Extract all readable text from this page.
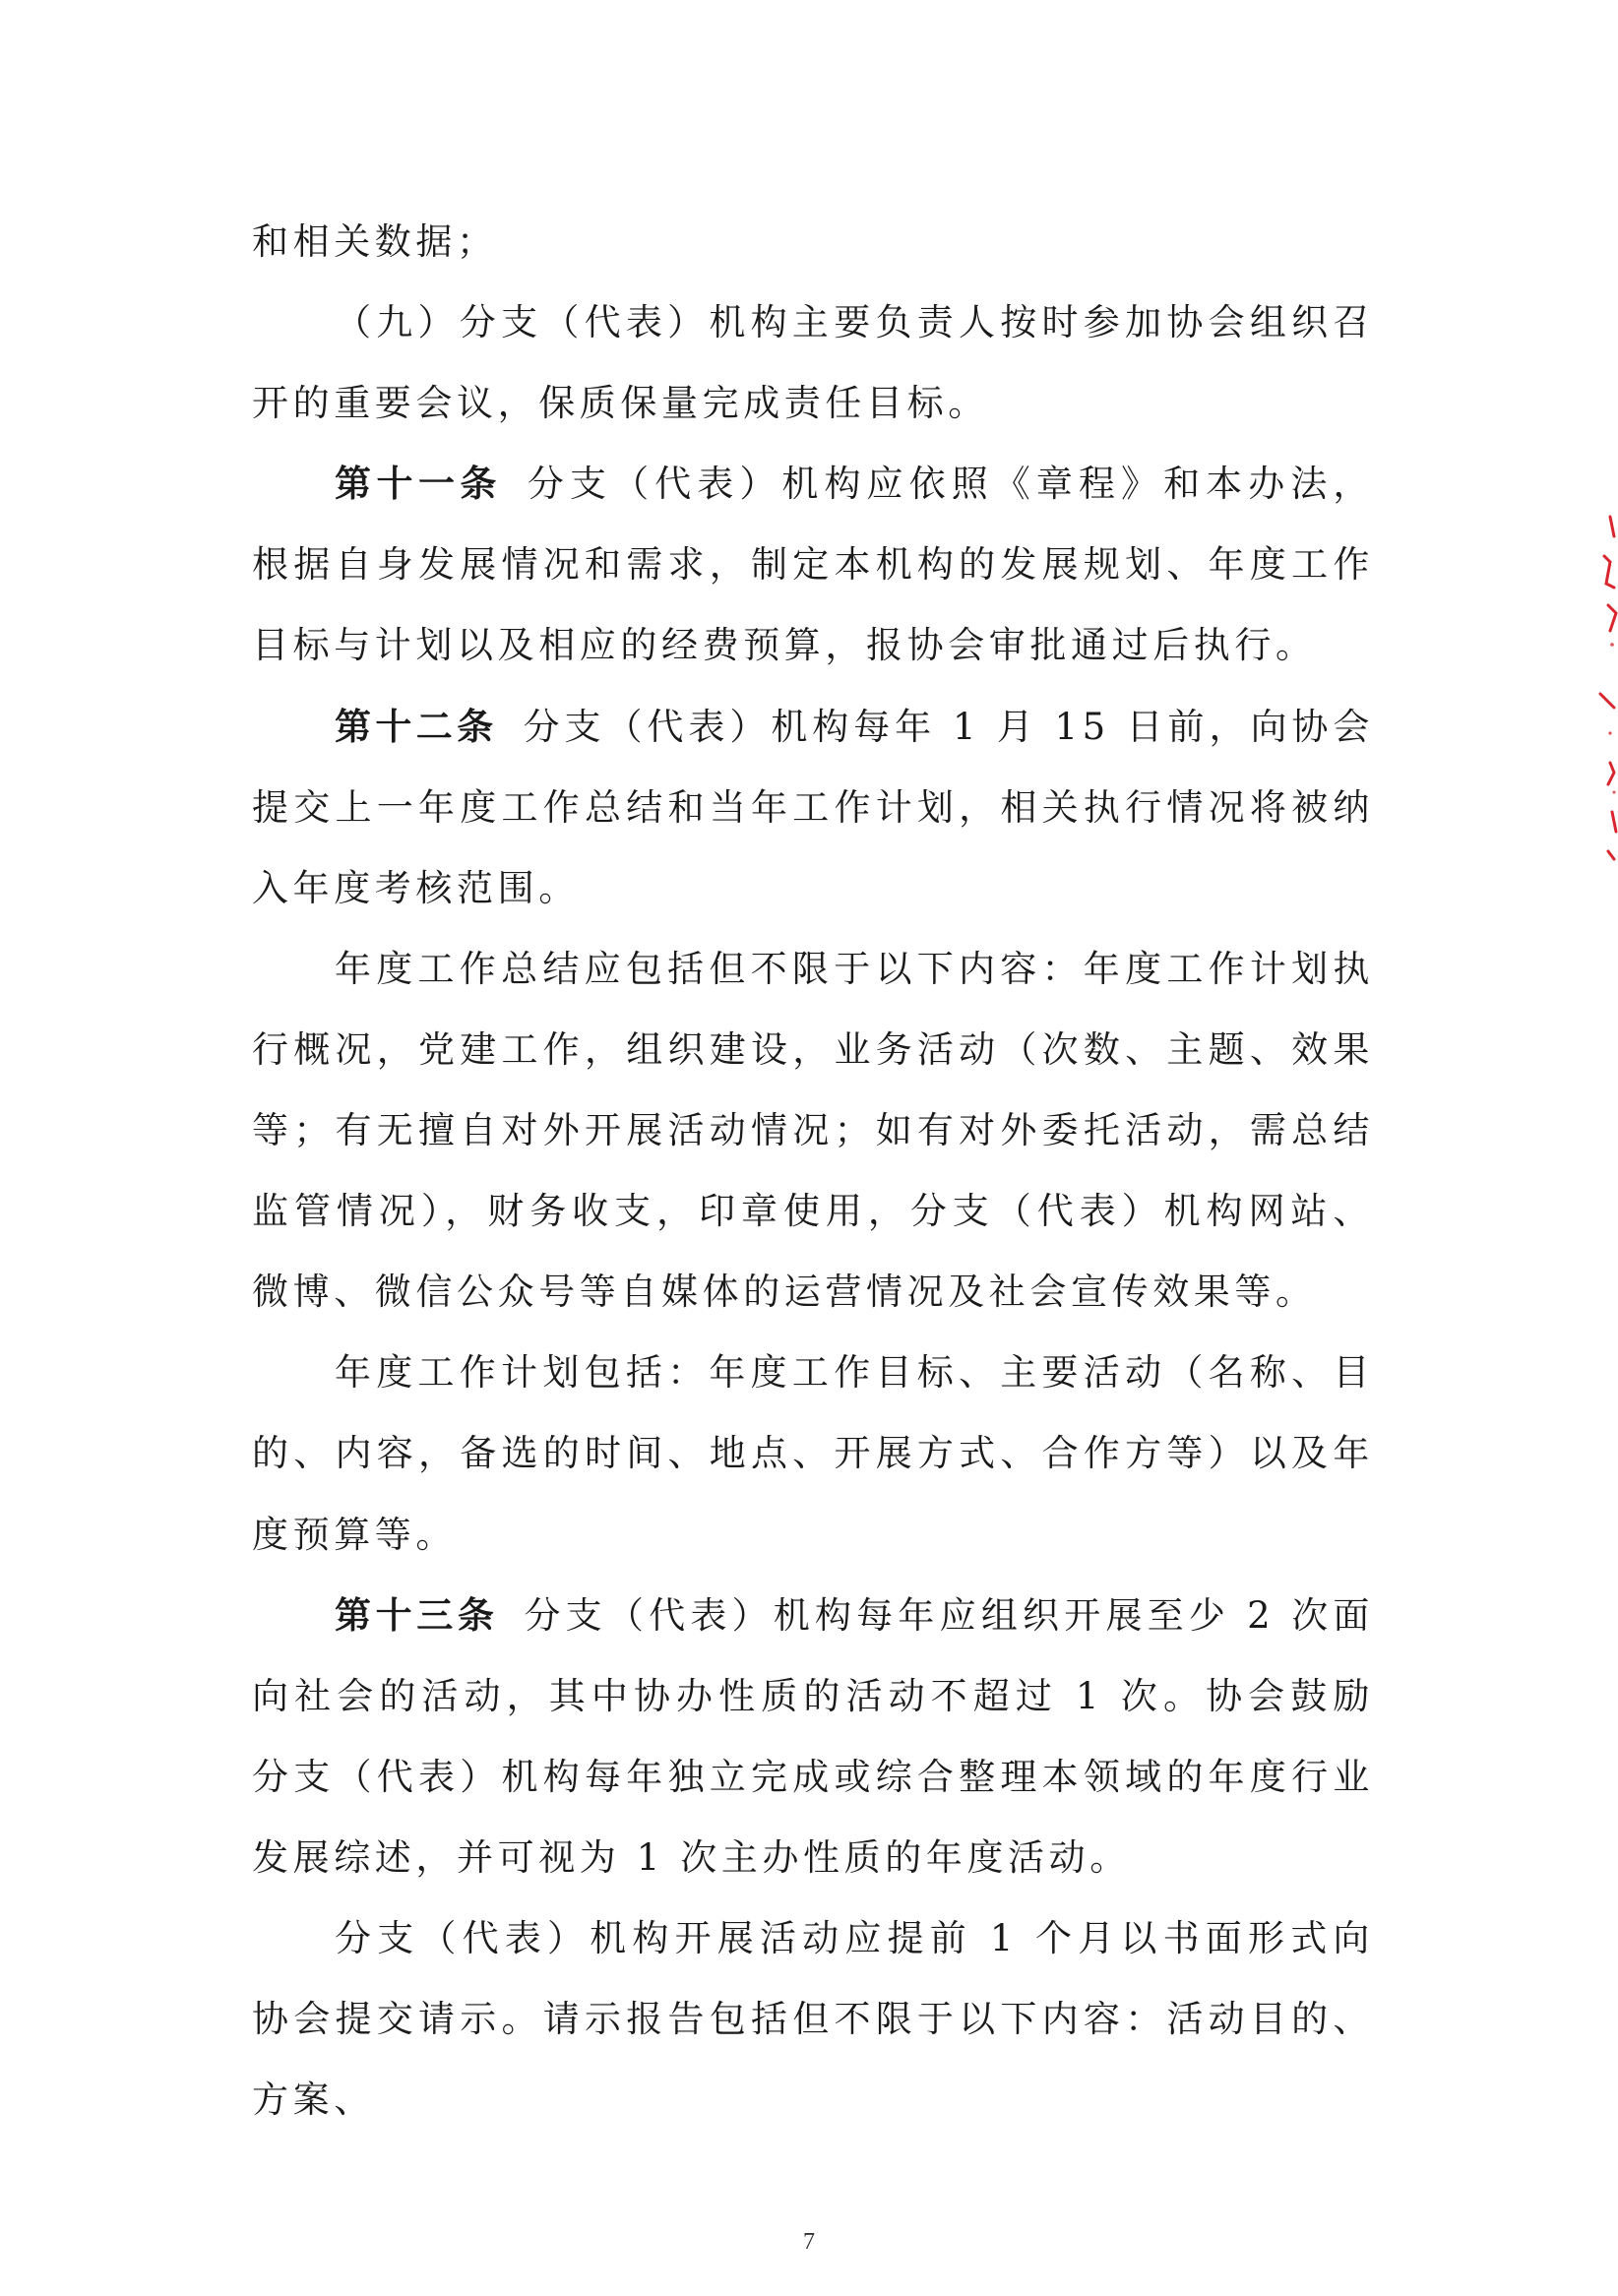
和相关数据；

（九）分支（代表）机构主要负责人按时参加协会组织召开的重要会议，保质保量完成责任目标。

第十一条 分支（代表）机构应依照《章程》和本办法，根据自身发展情况和需求，制定本机构的发展规划、年度工作目标与计划以及相应的经费预算，报协会审批通过后执行。

第十二条 分支（代表）机构每年 1 月 15 日前，向协会提交上一年度工作总结和当年工作计划，相关执行情况将被纳入年度考核范围。

年度工作总结应包括但不限于以下内容：年度工作计划执行概况，党建工作，组织建设，业务活动（次数、主题、效果等；有无擅自对外开展活动情况；如有对外委托活动，需总结监管情况），财务收支，印章使用，分支（代表）机构网站、微博、微信公众号等自媒体的运营情况及社会宣传效果等。

年度工作计划包括：年度工作目标、主要活动（名称、目的、内容，备选的时间、地点、开展方式、合作方等）以及年度预算等。

第十三条 分支（代表）机构每年应组织开展至少 2 次面向社会的活动，其中协办性质的活动不超过 1 次。协会鼓励分支（代表）机构每年独立完成或综合整理本领域的年度行业发展综述，并可视为 1 次主办性质的年度活动。

分支（代表）机构开展活动应提前 1 个月以书面形式向协会提交请示。请示报告包括但不限于以下内容：活动目的、方案、

7
